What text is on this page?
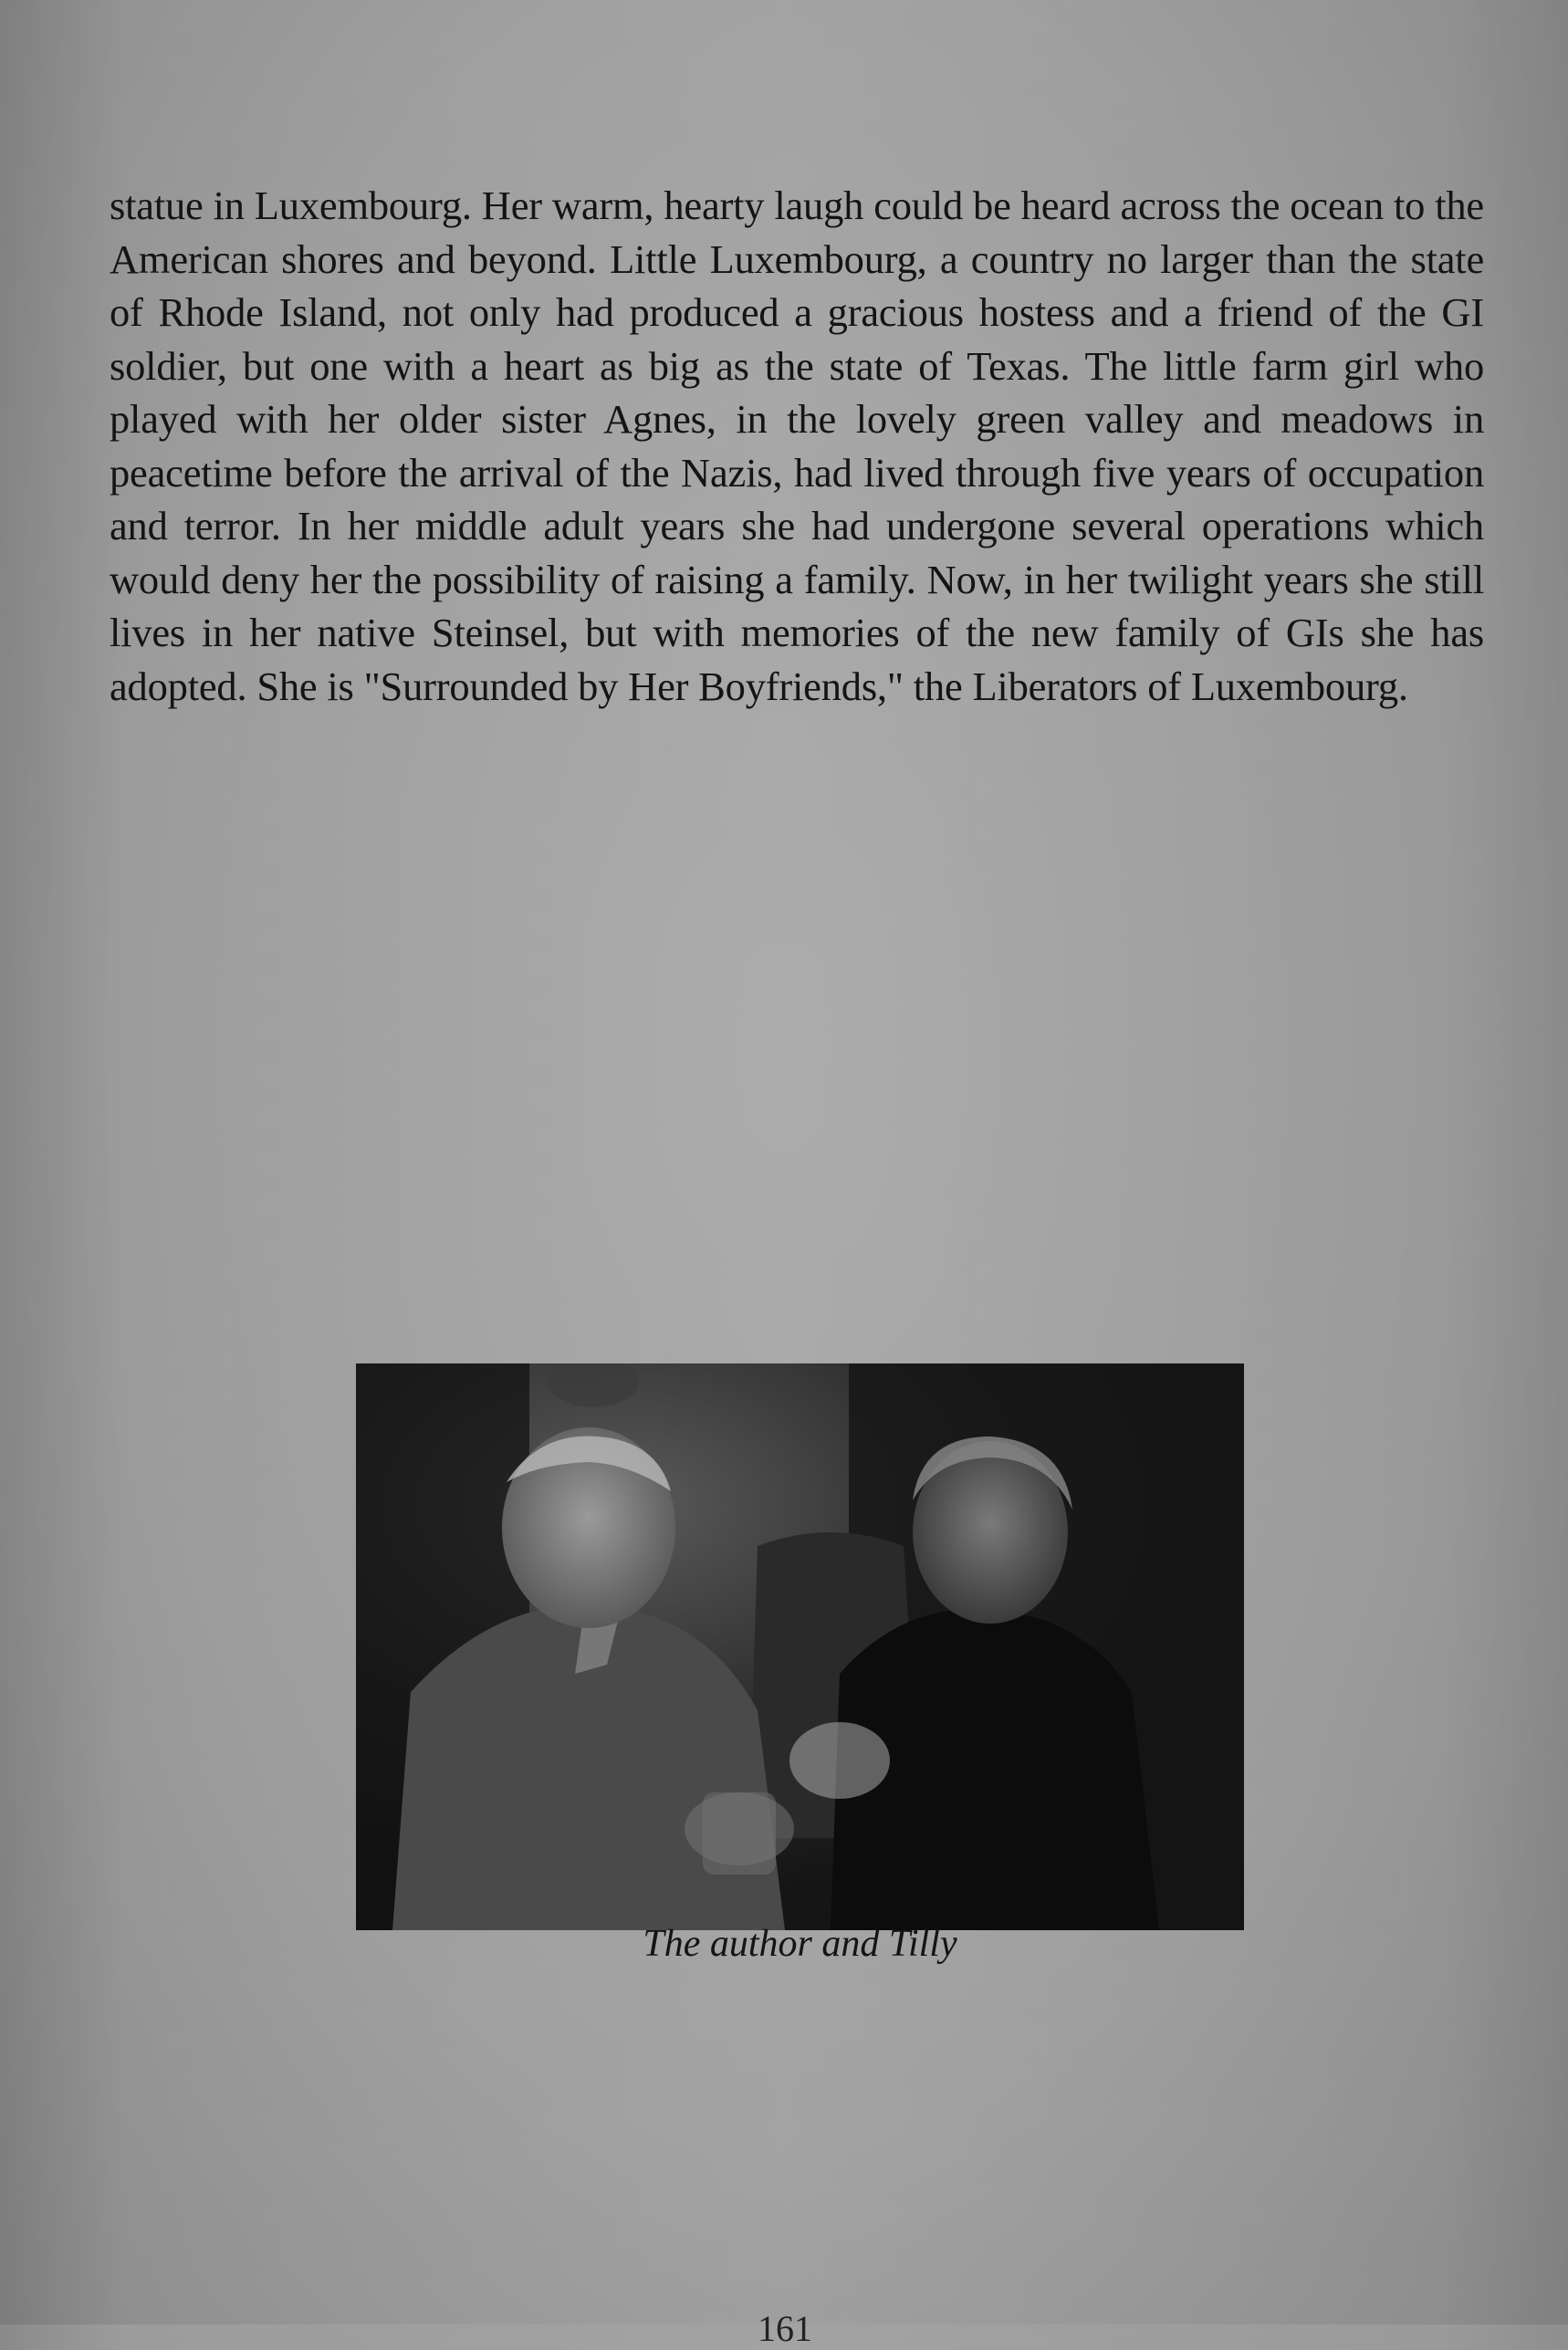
statue in Luxembourg. Her warm, hearty laugh could be heard across the ocean to the American shores and beyond. Little Luxembourg, a country no larger than the state of Rhode Island, not only had produced a gracious hostess and a friend of the GI soldier, but one with a heart as big as the state of Texas. The little farm girl who played with her older sister Agnes, in the lovely green valley and meadows in peacetime before the arrival of the Nazis, had lived through five years of occupation and terror. In her middle adult years she had undergone several operations which would deny her the possibility of raising a family. Now, in her twilight years she still lives in her native Steinsel, but with memories of the new family of GIs she has adopted. She is "Surrounded by Her Boyfriends," the Liberators of Luxembourg.

The author and Tilly

161
